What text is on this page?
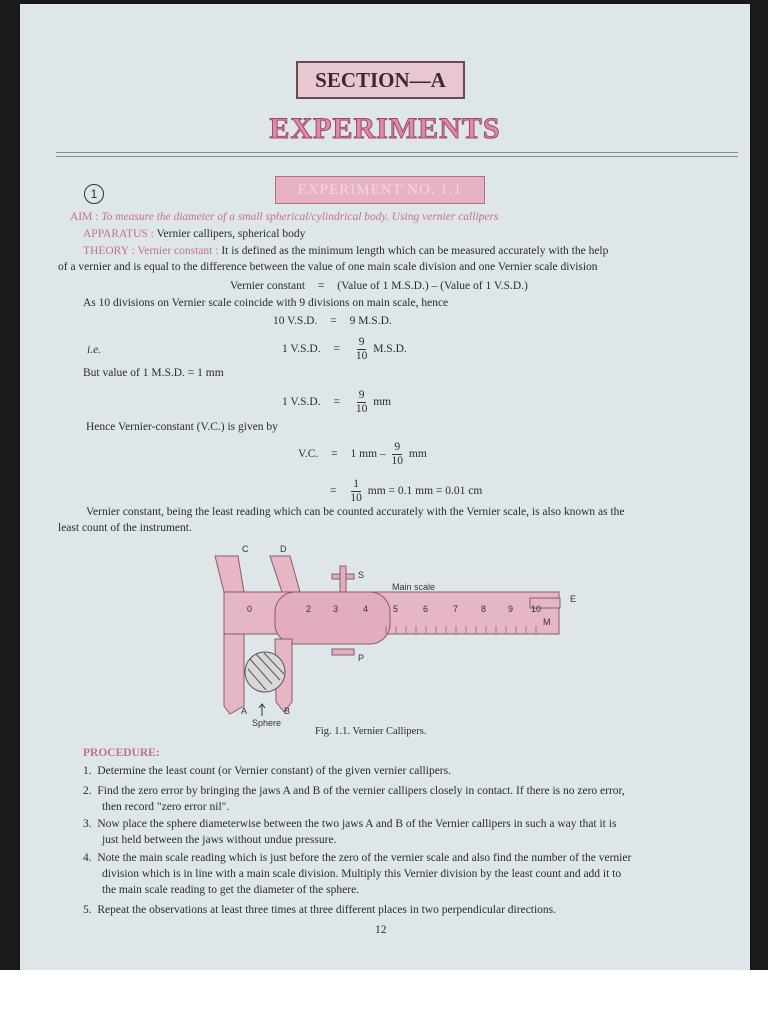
SECTION—A
EXPERIMENTS
1	EXPERIMENT NO. 1.1
AIM : To measure the diameter of a small spherical/cylindrical body. Using vernier callipers
APPARATUS : Vernier callipers, spherical body
THEORY : Vernier constant : It is defined as the minimum length which can be measured accurately with the help
of a vernier and is equal to the difference between the value of one main scale division and one Vernier scale division
Vernier constant = (Value of 1 M.S.D.) – (Value of 1 V.S.D.)
As 10 divisions on Vernier scale coincide with 9 divisions on main scale, hence
10 V.S.D. = 9 M.S.D.
i.e.	1 V.S.D. = $\frac{9}{10} M.S.D$.
But value of 1 M.S.D. = 1 mm
1 V.S.D. = $\frac{9}{10}$ mm
Hence Vernier-constant (V.C.) is given by
V.C. = 1 mm – $\frac{9}{10}$ mm
= $\frac{1}{10}$ mm = 0.1 mm = 0.01 cm
Vernier constant, being the least reading which can be counted accurately with the Vernier scale, is also known as the
least count of the instrument.
C	D
S
P
E
M
A	B
Main scale
Sphere
0	2 3	4	5	6	7	8 9 10
Fig. 1.1. Vernier Callipers.
PROCEDURE:
1. Determine the least count (or Vernier constant) of the given vernier callipers.
2. Find the zero error by bringing the jaws A and B of the vernier callipers closely in contact. If there is no zero error,
then record "zero error nil".
3. Now place the sphere diameterwise between the two jaws A and B of the Vernier callipers in such a way that it is
just held between the jaws without undue pressure.
4. Note the main scale reading which is just before the zero of the vernier scale and also find the number of the vernier
division which is in line with a main scale division. Multiply this Vernier division by the least count and add it to
the main scale reading to get the diameter of the sphere.
5. Repeat the observations at least three times at three different places in two perpendicular directions.
12
